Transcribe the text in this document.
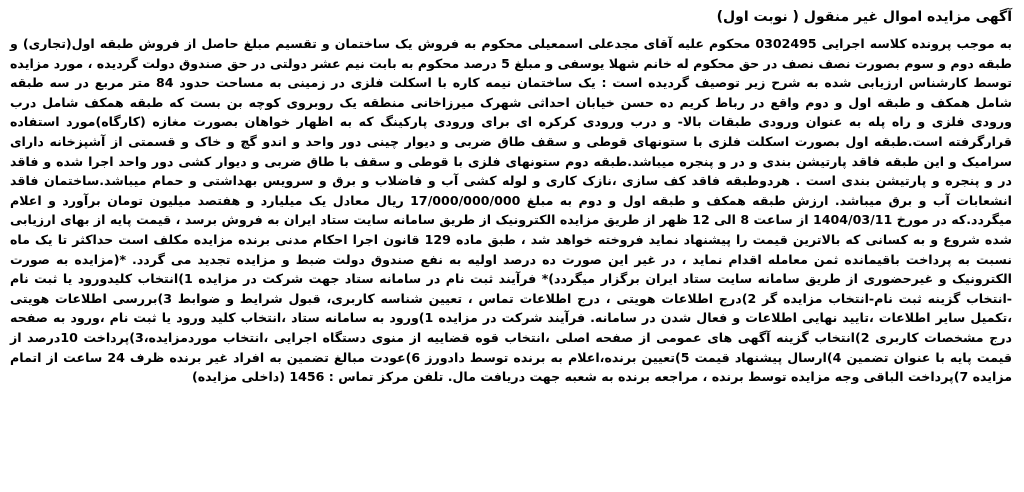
آگهی مزایده اموال غیر منقول ( نوبت اول)

به موجب پرونده کلاسه اجرایی 0302495 محکوم علیه آقای مجدعلی اسمعیلی محکوم به فروش یک ساختمان و تقسیم مبلغ حاصل از فروش طبقه اول(تجاری) و طبقه دوم و سوم بصورت نصف نصف در حق محکوم له خانم شهلا یوسفی و مبلغ 5 درصد محکوم به بابت نیم عشر دولتی در حق صندوق دولت گردیده ، مورد مزایده توسط کارشناس ارزیابی شده به شرح زیر توصیف گردیده است : یک ساختمان نیمه کاره با اسکلت فلزی در زمینی به مساحت حدود 84 متر مربع در سه طبقه شامل همکف و طبقه اول و دوم واقع در رباط کریم ده حسن خیابان احداثی شهرک میرزاخانی منطقه یک روبروی کوچه بن بست که طبقه همکف شامل درب ورودی فلزی و راه پله به عنوان ورودی طبقات بالا- و درب ورودی کرکره ای برای ورودی پارکینگ که به اظهار خواهان بصورت مغازه (کارگاه)مورد استفاده قرارگرفته است.طبقه اول بصورت اسکلت فلزی با ستونهای قوطی و سقف طاق ضربی و دیوار چینی دور واحد و اندو گچ و خاک و قسمتی از آشپزخانه دارای سرامیک و این طبقه فاقد پارتیشن بندی و در و پنجره میباشد.طبقه دوم ستونهای فلزی با قوطی و سقف با طاق ضربی و دیوار کشی دور واحد اجرا شده و فاقد در و پنجره و پارتیشن بندی است . هردوطبقه فاقد کف سازی ،نازک کاری و لوله کشی آب و فاضلاب و برق و سرویس بهداشتی و حمام میباشد.ساختمان فاقد انشعابات آب و برق میباشد. ارزش طبقه همکف و طبقه اول و دوم به مبلغ 17/000/000/000 ریال معادل یک میلیارد و هفتصد میلیون تومان برآورد و اعلام میگردد.که در مورخ 1404/03/11 از ساعت 8 الی 12 ظهر از طریق مزایده الکترونیک از طریق سامانه سایت ستاد ایران به فروش برسد ، قیمت پایه از بهای ارزیابی شده شروع و به کسانی که بالاترین قیمت را پیشنهاد نماید فروخته خواهد شد ، طبق ماده 129 قانون اجرا احکام مدنی برنده مزایده مکلف است حداکثر تا یک ماه نسبت به پرداخت باقیمانده ثمن معامله اقدام نماید ، در غیر این صورت ده درصد اولیه به نفع صندوق دولت ضبط و مزایده تجدید می گردد. *(مزایده به صورت الکترونیک و غیرحضوری از طریق سامانه سایت ستاد ایران برگزار میگردد)* فرآیند ثبت نام در سامانه ستاد جهت شرکت در مزایده 1)انتخاب کلیدورود یا ثبت نام -انتخاب گزینه ثبت نام-انتخاب مزایده گر 2)درج اطلاعات هویتی ، درج اطلاعات تماس ، تعیین شناسه کاربری، قبول شرایط و ضوابط 3)بررسی اطلاعات هویتی ،تکمیل سایر اطلاعات ،تایید نهایی اطلاعات و فعال شدن در سامانه. فرآیند شرکت در مزایده 1)ورود به سامانه ستاد ،انتخاب کلید ورود یا ثبت نام ،ورود به صفحه درج مشخصات کاربری 2)انتخاب گزینه آگهی های عمومی از صفحه اصلی ،انتخاب قوه قضاییه از منوی دستگاه اجرایی ،انتخاب موردمزایده،3)پرداخت 10درصد از قیمت پایه با عنوان تضمین 4)ارسال پیشنهاد قیمت 5)تعیین برنده،اعلام به برنده توسط دادورز 6)عودت مبالغ تضمین به افراد غیر برنده ظرف 24 ساعت از اتمام مزایده 7)پرداخت الباقی وجه مزایده توسط برنده ، مراجعه برنده به شعبه جهت دریافت مال. تلفن مرکز تماس : 1456 (داخلی مزایده)
